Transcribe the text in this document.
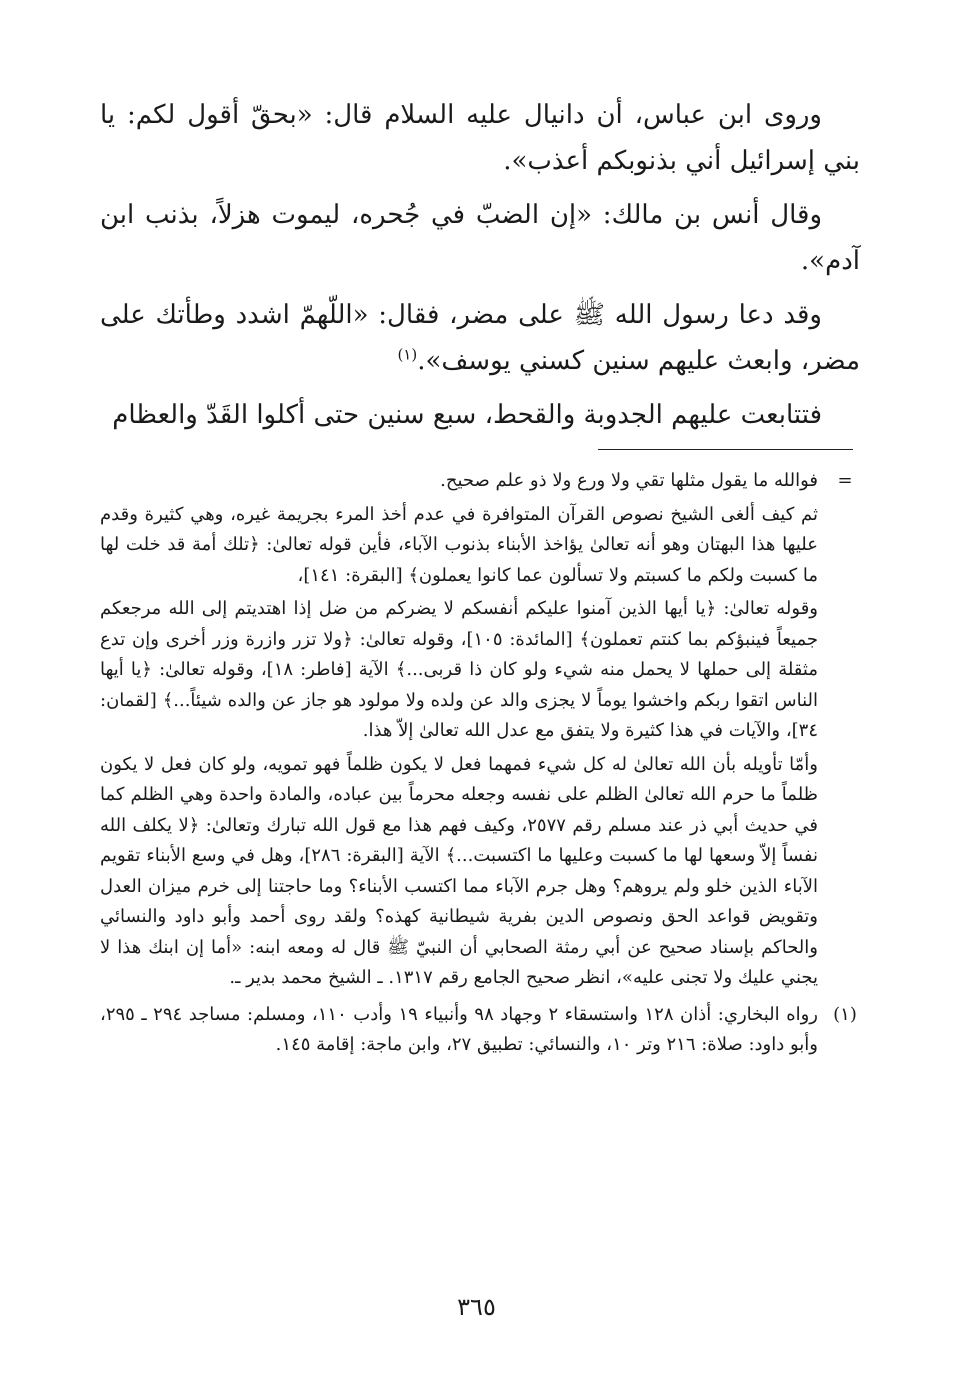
وروى ابن عباس، أن دانيال عليه السلام قال: «بحقّ أقول لكم: يا بني إسرائيل أني بذنوبكم أعذب».

وقال أنس بن مالك: «إن الضبّ في جُحره، ليموت هزلاً، بذنب ابن آدم».

وقد دعا رسول الله ﷺ على مضر، فقال: «اللّهمّ اشدد وطأتك على مضر، وابعث عليهم سنين كسني يوسف».$^{(١)}$

فتتابعت عليهم الجدوبة والقحط، سبع سنين حتى أكلوا القَدّ والعظام

=

فوالله ما يقول مثلها تقي ولا ورع ولا ذو علم صحيح.

ثم كيف ألغى الشيخ نصوص القرآن المتوافرة في عدم أخذ المرء بجريمة غيره، وهي كثيرة وقدم عليها هذا البهتان وهو أنه تعالىٰ يؤاخذ الأبناء بذنوب الآباء، فأين قوله تعالىٰ: ﴿تلك أمة قد خلت لها ما كسبت ولكم ما كسبتم ولا تسألون عما كانوا يعملون﴾ [البقرة: ١٤١]،

وقوله تعالىٰ: ﴿يا أيها الذين آمنوا عليكم أنفسكم لا يضركم من ضل إذا اهتديتم إلى الله مرجعكم جميعاً فينبؤكم بما كنتم تعملون﴾ [المائدة: ١٠٥]، وقوله تعالىٰ: ﴿ولا تزر وازرة وزر أخرى وإن تدع مثقلة إلى حملها لا يحمل منه شيء ولو كان ذا قربى...﴾ الآية [فاطر: ١٨]، وقوله تعالىٰ: ﴿يا أيها الناس اتقوا ربكم واخشوا يوماً لا يجزى والد عن ولده ولا مولود هو جاز عن والده شيئاً...﴾ [لقمان: ٣٤]، والآيات في هذا كثيرة ولا يتفق مع عدل الله تعالىٰ إلاّ هذا.

وأمّا تأويله بأن الله تعالىٰ له كل شيء فمهما فعل لا يكون ظلماً فهو تمويه، ولو كان فعل لا يكون ظلماً ما حرم الله تعالىٰ الظلم على نفسه وجعله محرماً بين عباده، والمادة واحدة وهي الظلم كما في حديث أبي ذر عند مسلم رقم ٢٥٧٧، وكيف فهم هذا مع قول الله تبارك وتعالىٰ: ﴿لا يكلف الله نفساً إلاّ وسعها لها ما كسبت وعليها ما اكتسبت...﴾ الآية [البقرة: ٢٨٦]، وهل في وسع الأبناء تقويم الآباء الذين خلو ولم يروهم؟ وهل جرم الآباء مما اكتسب الأبناء؟ وما حاجتنا إلى خرم ميزان العدل وتقويض قواعد الحق ونصوص الدين بفرية شيطانية كهذه؟ ولقد روى أحمد وأبو داود والنسائي والحاكم بإسناد صحيح عن أبي رمثة الصحابي أن النبيّ ﷺ قال له ومعه ابنه: «أما إن ابنك هذا لا يجني عليك ولا تجنى عليه»، انظر صحيح الجامع رقم ١٣١٧. ـ الشيخ محمد بدير ـ.

(١)

رواه البخاري: أذان ١٢٨ واستسقاء ٢ وجهاد ٩٨ وأنبياء ١٩ وأدب ١١٠، ومسلم: مساجد ٢٩٤ ـ ٢٩٥، وأبو داود: صلاة: ٢١٦ وتر ١٠، والنسائي: تطبيق ٢٧، وابن ماجة: إقامة ١٤٥.

٣٦٥
